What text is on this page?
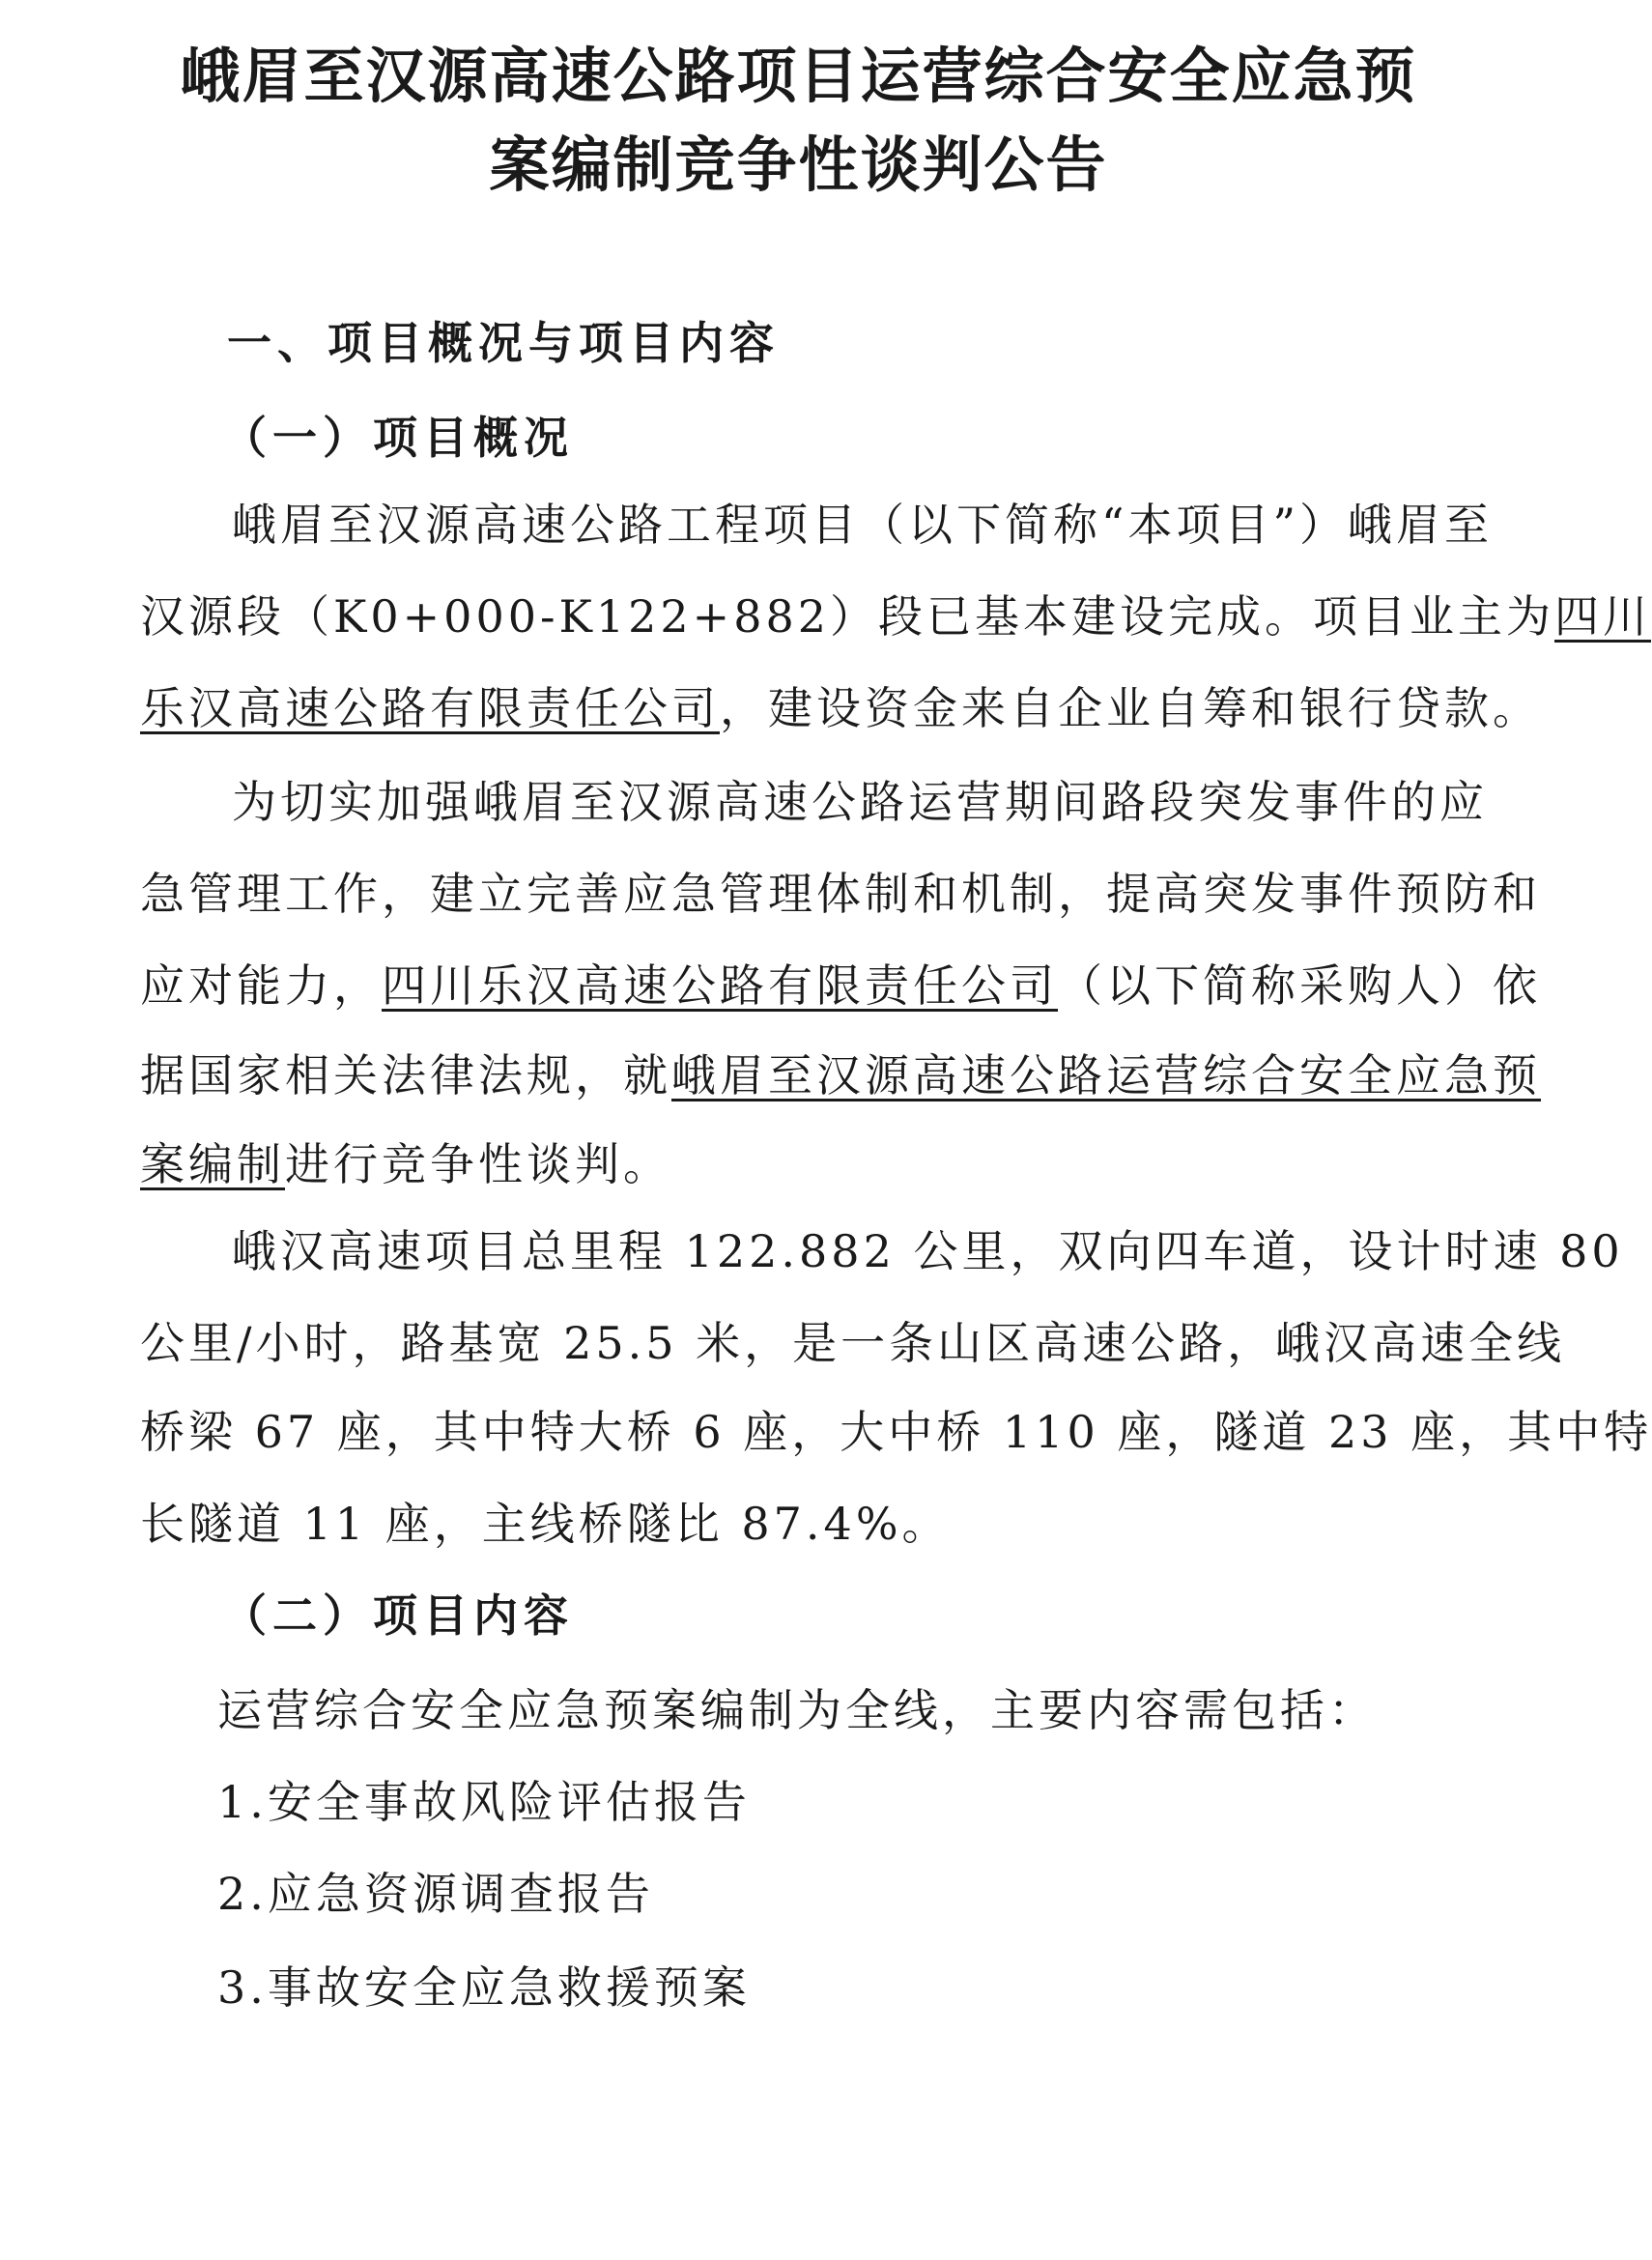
峨眉至汉源高速公路项目运营综合安全应急预
案编制竞争性谈判公告
一、项目概况与项目内容
（一）项目概况
峨眉至汉源高速公路工程项目（以下简称“本项目”）峨眉至
汉源段（K0+000-K122+882）段已基本建设完成。项目业主为四川
乐汉高速公路有限责任公司，建设资金来自企业自筹和银行贷款。
为切实加强峨眉至汉源高速公路运营期间路段突发事件的应
急管理工作，建立完善应急管理体制和机制，提高突发事件预防和
应对能力，四川乐汉高速公路有限责任公司（以下简称采购人）依
据国家相关法律法规，就峨眉至汉源高速公路运营综合安全应急预
案编制进行竞争性谈判。
峨汉高速项目总里程 122.882 公里，双向四车道，设计时速 80
公里/小时，路基宽 25.5 米，是一条山区高速公路，峨汉高速全线
桥梁 67 座，其中特大桥 6 座，大中桥 110 座，隧道 23 座，其中特
长隧道 11 座，主线桥隧比 87.4%。
（二）项目内容
运营综合安全应急预案编制为全线，主要内容需包括：
1.安全事故风险评估报告
2.应急资源调查报告
3.事故安全应急救援预案
